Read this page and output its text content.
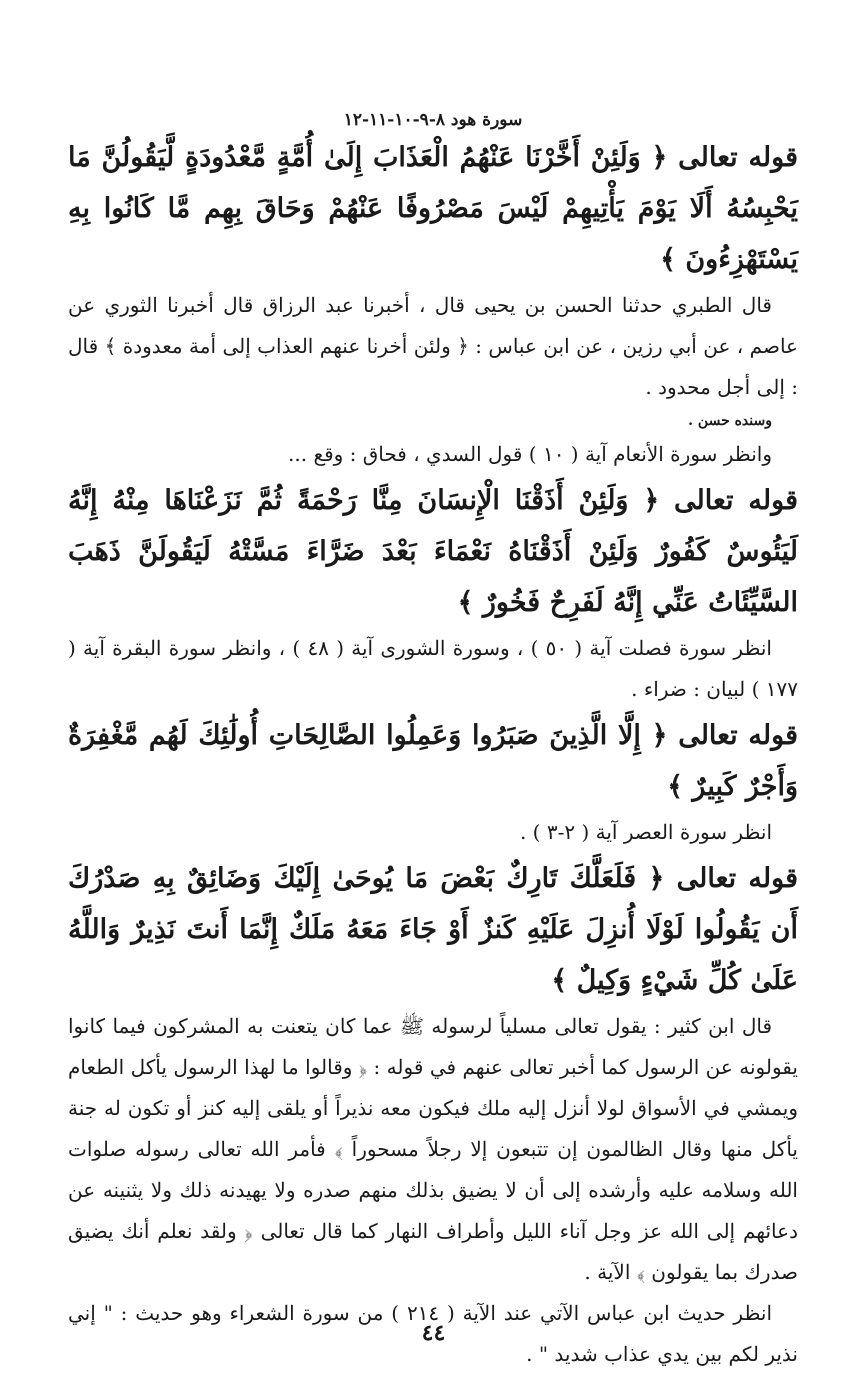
سورة هود ٨-٩-١٠-١١-١٢

قوله تعالى ﴿ وَلَئِنْ أَخَّرْنَا عَنْهُمُ الْعَذَابَ إِلَىٰ أُمَّةٍ مَّعْدُودَةٍ لَّيَقُولُنَّ مَا يَحْبِسُهُ أَلَا يَوْمَ يَأْتِيهِمْ لَيْسَ مَصْرُوفًا عَنْهُمْ وَحَاقَ بِهِم مَّا كَانُوا بِهِ يَسْتَهْزِءُونَ ﴾

قال الطبري حدثنا الحسن بن يحيى قال ، أخبرنا عبد الرزاق قال أخبرنا الثوري عن عاصم ، عن أبي رزين ، عن ابن عباس : ﴿ ولئن أخرنا عنهم العذاب إلى أمة معدودة ﴾ قال : إلى أجل محدود .

وسنده حسن .

وانظر سورة الأنعام آية ( ١٠ ) قول السدي ، فحاق : وقع ...

قوله تعالى ﴿ وَلَئِنْ أَذَقْنَا الْإِنسَانَ مِنَّا رَحْمَةً ثُمَّ نَزَعْنَاهَا مِنْهُ إِنَّهُ لَيَئُوسٌ كَفُورٌ وَلَئِنْ أَذَقْنَاهُ نَعْمَاءَ بَعْدَ ضَرَّاءَ مَسَّتْهُ لَيَقُولَنَّ ذَهَبَ السَّيِّئَاتُ عَنِّي إِنَّهُ لَفَرِحٌ فَخُورٌ ﴾

انظر سورة فصلت آية ( ٥٠ ) ، وسورة الشورى آية ( ٤٨ ) ، وانظر سورة البقرة آية ( ١٧٧ ) لبيان : ضراء .

قوله تعالى ﴿ إِلَّا الَّذِينَ صَبَرُوا وَعَمِلُوا الصَّالِحَاتِ أُولَٰئِكَ لَهُم مَّغْفِرَةٌ وَأَجْرٌ كَبِيرٌ ﴾

انظر سورة العصر آية ( ٢-٣ ) .

قوله تعالى ﴿ فَلَعَلَّكَ تَارِكٌ بَعْضَ مَا يُوحَىٰ إِلَيْكَ وَضَائِقٌ بِهِ صَدْرُكَ أَن يَقُولُوا لَوْلَا أُنزِلَ عَلَيْهِ كَنزٌ أَوْ جَاءَ مَعَهُ مَلَكٌ إِنَّمَا أَنتَ نَذِيرٌ وَاللَّهُ عَلَىٰ كُلِّ شَيْءٍ وَكِيلٌ ﴾

قال ابن كثير : يقول تعالى مسلياً لرسوله ﷺ عما كان يتعنت به المشركون فيما كانوا يقولونه عن الرسول كما أخبر تعالى عنهم في قوله : ﴿ وقالوا ما لهذا الرسول يأكل الطعام ويمشي في الأسواق لولا أنزل إليه ملك فيكون معه نذيراً أو يلقى إليه كنز أو تكون له جنة يأكل منها وقال الظالمون إن تتبعون إلا رجلاً مسحوراً ﴾ فأمر الله تعالى رسوله صلوات الله وسلامه عليه وأرشده إلى أن لا يضيق بذلك منهم صدره ولا يهيدنه ذلك ولا يثنينه عن دعائهم إلى الله عز وجل آناء الليل وأطراف النهار كما قال تعالى ﴿ ولقد نعلم أنك يضيق صدرك بما يقولون ﴾ الآية .

انظر حديث ابن عباس الآتي عند الآية ( ٢١٤ ) من سورة الشعراء وهو حديث : " إني نذير لكم بين يدي عذاب شديد " .

٤٤
